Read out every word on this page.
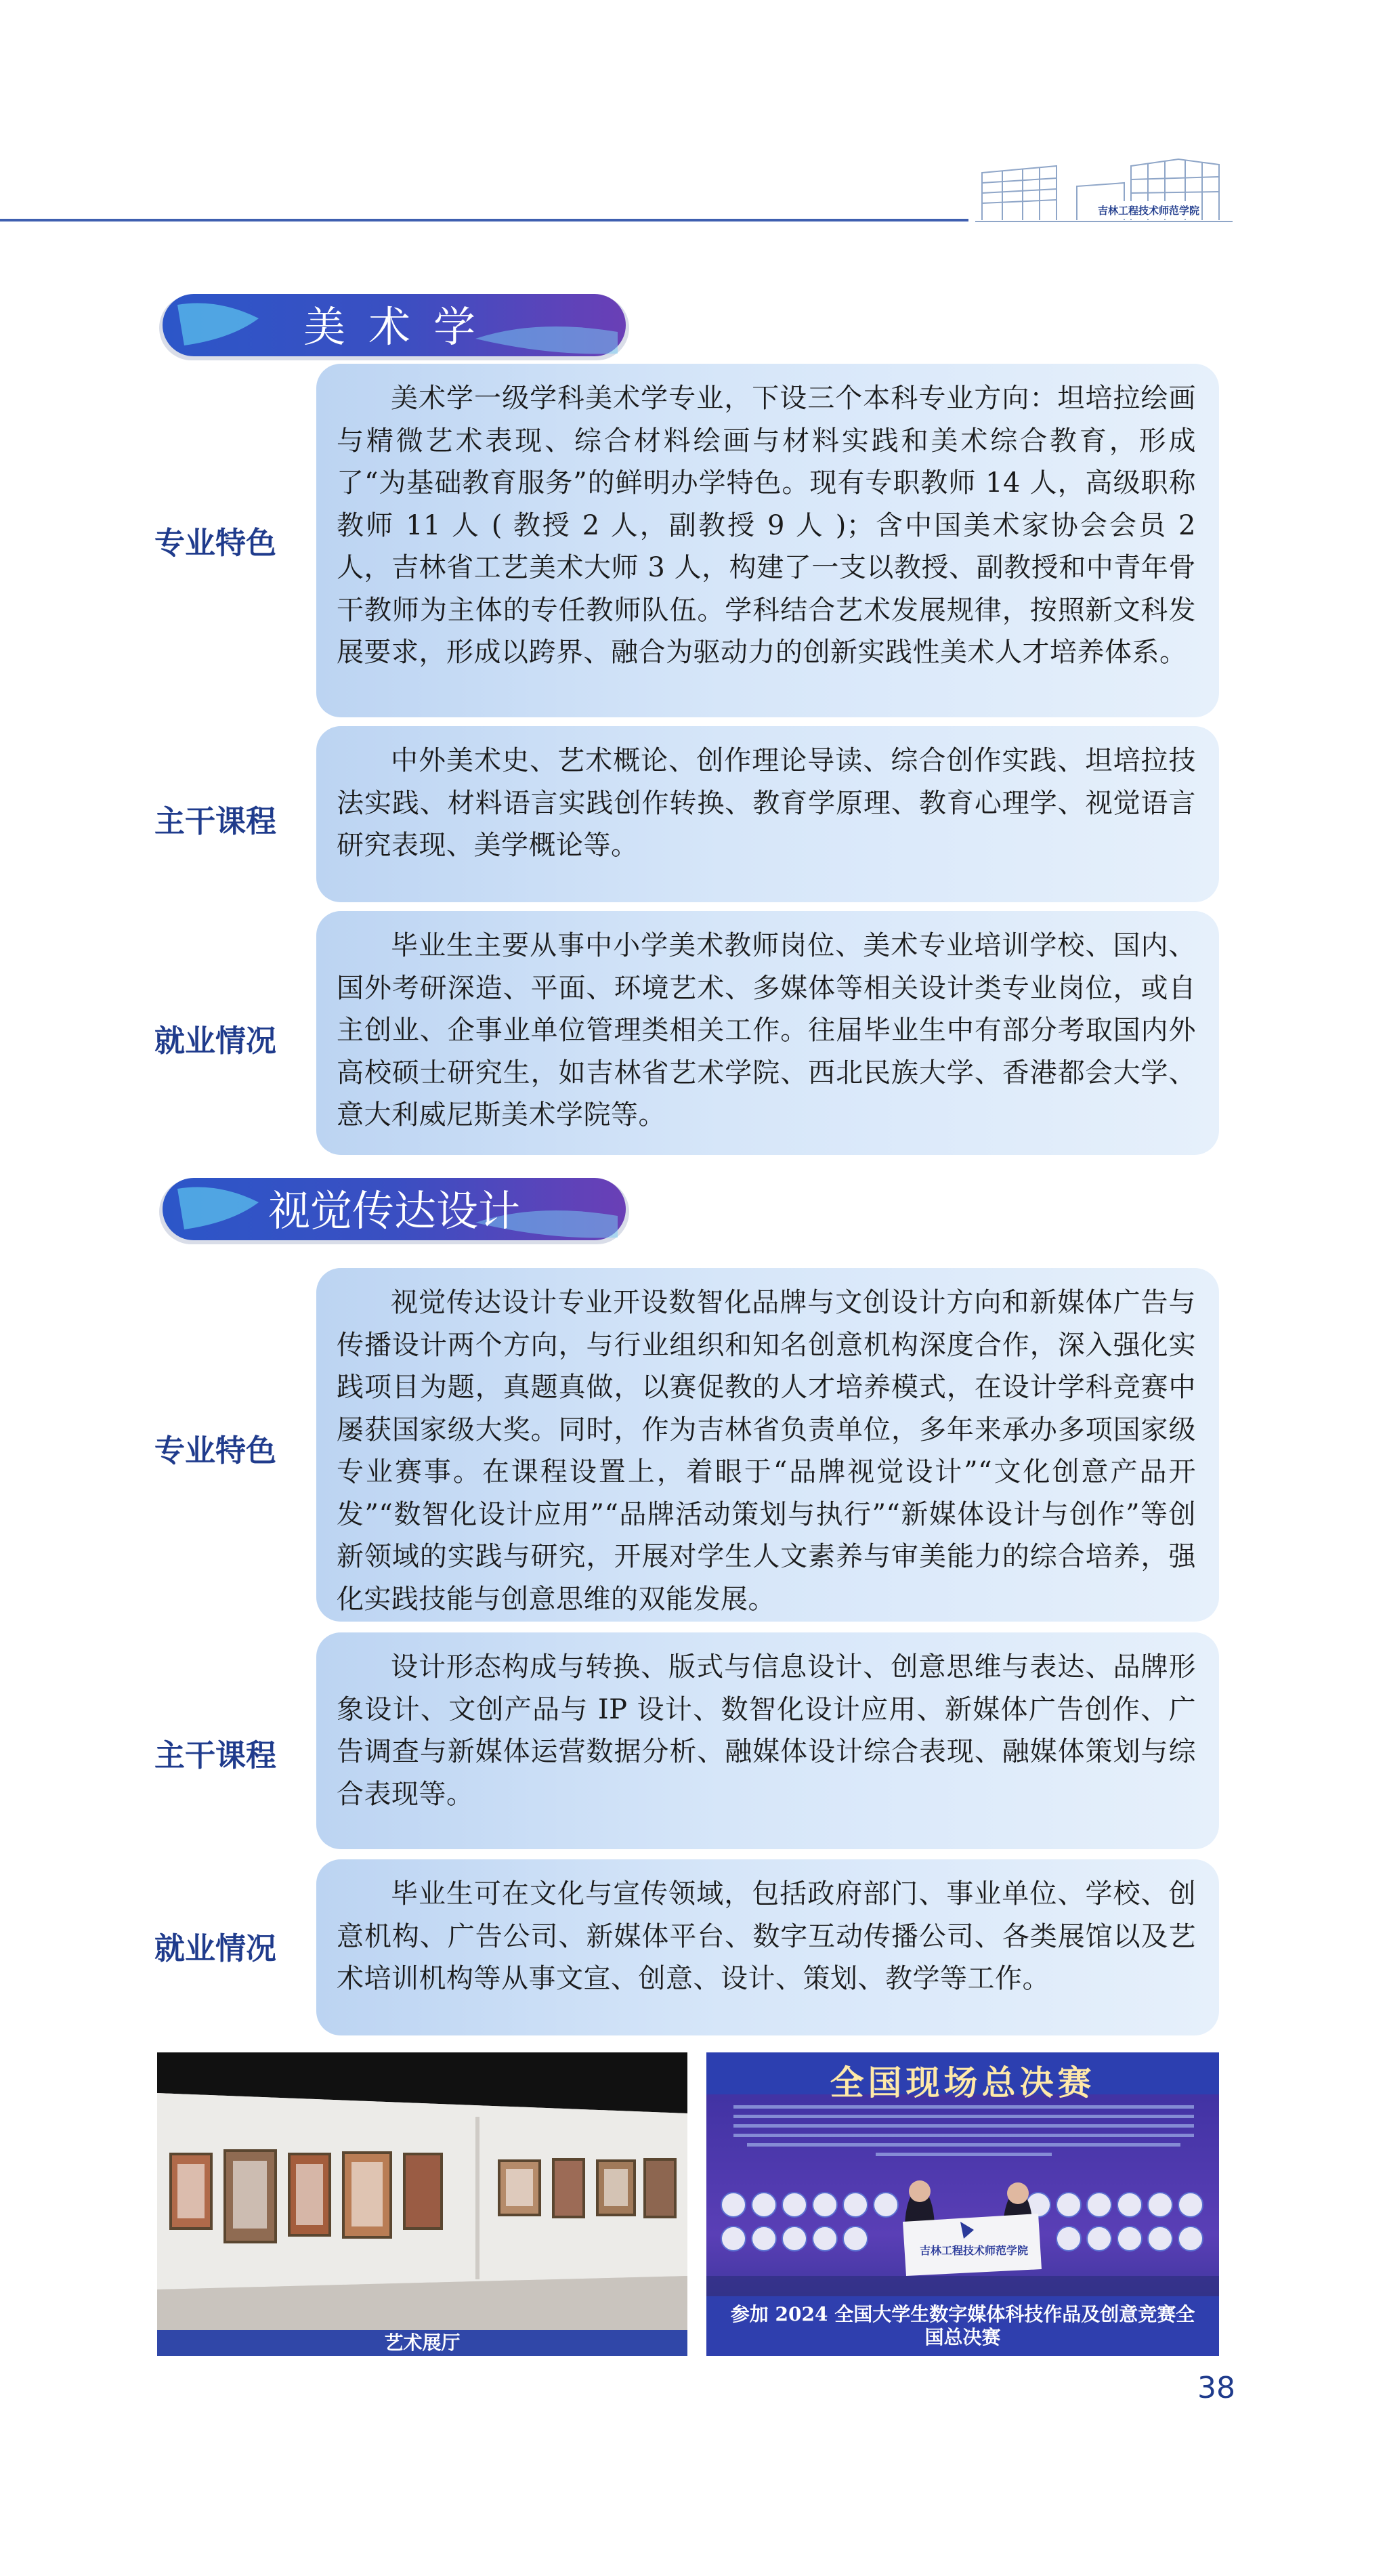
吉林工程技术师范学院
美术学

美术学一级学科美术学专业，下设三个本科专业方向：坦培拉绘画与精微艺术表现、综合材料绘画与材料实践和美术综合教育，形成了“为基础教育服务”的鲜明办学特色。现有专职教师 14 人，高级职称教师 11 人 ( 教授 2 人，副教授 9 人 )；含中国美术家协会会员 2 人，吉林省工艺美术大师 3 人，构建了一支以教授、副教授和中青年骨干教师为主体的专任教师队伍。学科结合艺术发展规律，按照新文科发展要求，形成以跨界、融合为驱动力的创新实践性美术人才培养体系。

专业特色

中外美术史、艺术概论、创作理论导读、综合创作实践、坦培拉技法实践、材料语言实践创作转换、教育学原理、教育心理学、视觉语言研究表现、美学概论等。

主干课程

毕业生主要从事中小学美术教师岗位、美术专业培训学校、国内、国外考研深造、平面、环境艺术、多媒体等相关设计类专业岗位，或自主创业、企事业单位管理类相关工作。往届毕业生中有部分考取国内外高校硕士研究生，如吉林省艺术学院、西北民族大学、香港都会大学、意大利威尼斯美术学院等。

就业情况
视觉传达设计

视觉传达设计专业开设数智化品牌与文创设计方向和新媒体广告与传播设计两个方向，与行业组织和知名创意机构深度合作，深入强化实践项目为题，真题真做，以赛促教的人才培养模式，在设计学科竞赛中屡获国家级大奖。同时，作为吉林省负责单位，多年来承办多项国家级专业赛事。在课程设置上，着眼于“品牌视觉设计”“文化创意产品开发”“数智化设计应用”“品牌活动策划与执行”“新媒体设计与创作”等创新领域的实践与研究，开展对学生人文素养与审美能力的综合培养，强化实践技能与创意思维的双能发展。

专业特色

设计形态构成与转换、版式与信息设计、创意思维与表达、品牌形象设计、文创产品与 IP 设计、数智化设计应用、新媒体广告创作、广告调查与新媒体运营数据分析、融媒体设计综合表现、融媒体策划与综合表现等。

主干课程

毕业生可在文化与宣传领域，包括政府部门、事业单位、学校、创意机构、广告公司、新媒体平台、数字互动传播公司、各类展馆以及艺术培训机构等从事文宣、创意、设计、策划、教学等工作。

就业情况
艺术展厅
全国现场总决赛
吉林工程技术师范学院
参加 2024 全国大学生数字媒体科技作品及创意竞赛全国总决赛
38
